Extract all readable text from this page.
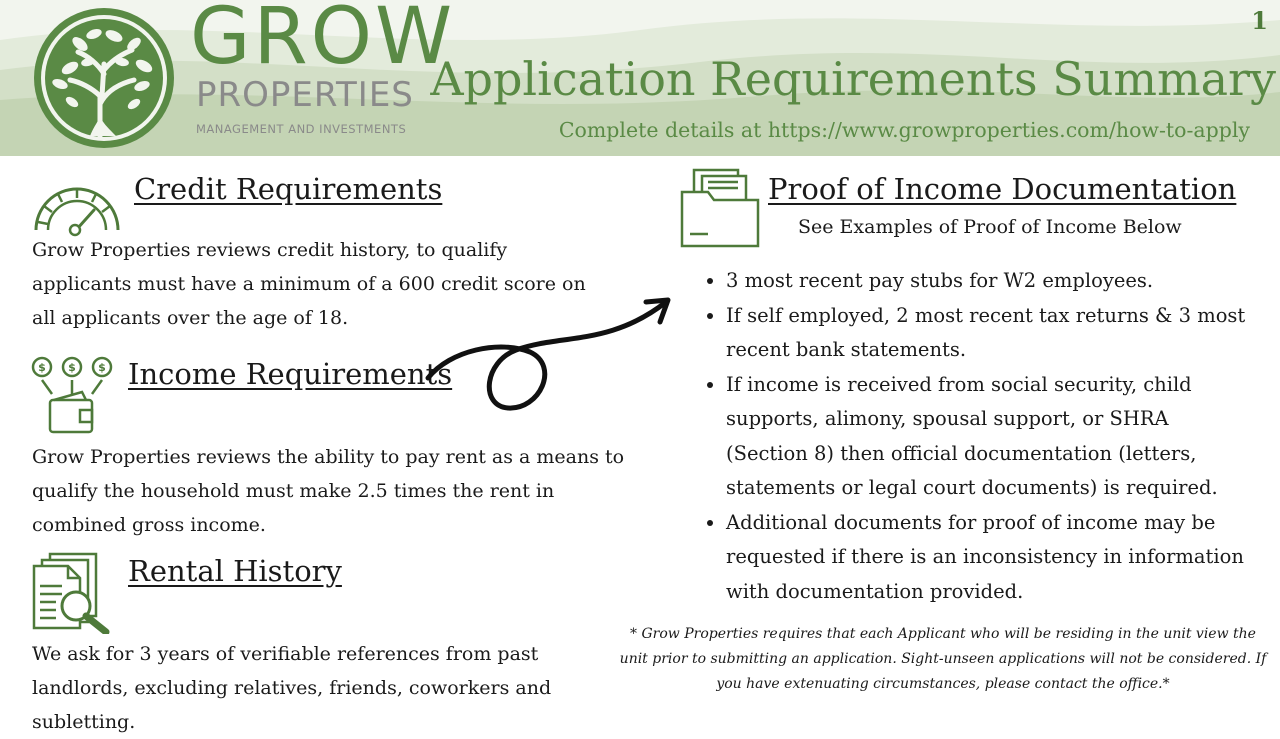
GROW
PROPERTIES
MANAGEMENT AND INVESTMENTS
1
Application Requirements Summary
Complete details at https://www.growproperties.com/how-to-apply
Credit Requirements

Grow Properties reviews credit history, to qualify applicants must have a minimum of a 600 credit score on all applicants over the age of 18.

$ $ $ Income Requirements

Grow Properties reviews the ability to pay rent as a means to qualify the household must make 2.5 times the rent in combined gross income.

Rental History

We ask for 3 years of verifiable references from past landlords, excluding relatives, friends, coworkers and subletting.

Proof of Income Documentation
See Examples of Proof of Income Below
• 3 most recent pay stubs for W2 employees.
• If self employed, 2 most recent tax returns & 3 most recent bank statements.
• If income is received from social security, child supports, alimony, spousal support, or SHRA (Section 8) then official documentation (letters, statements or legal court documents) is required.
• Additional documents for proof of income may be requested if there is an inconsistency in information with documentation provided.

* Grow Properties requires that each Applicant who will be residing in the unit view the unit prior to submitting an application. Sight-unseen applications will not be considered. If you have extenuating circumstances, please contact the office.*
